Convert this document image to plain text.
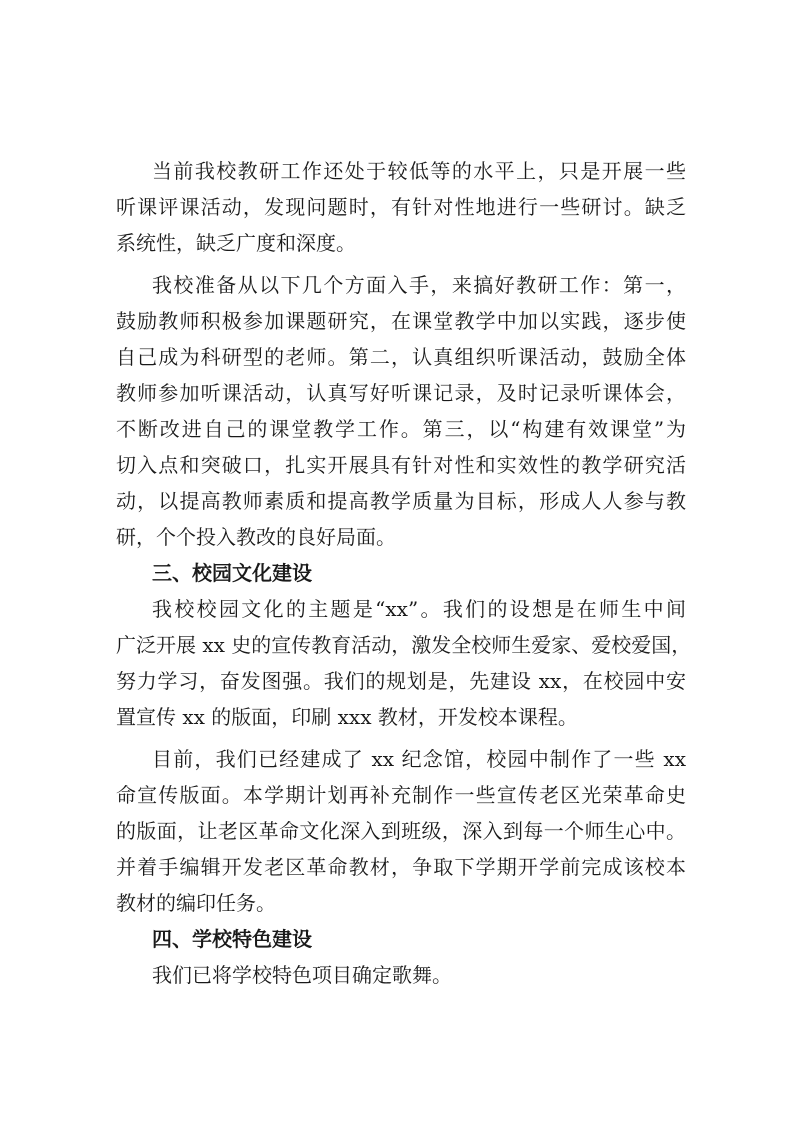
当前我校教研工作还处于较低等的水平上，只是开展一些
听课评课活动，发现问题时，有针对性地进行一些研讨。缺乏
系统性，缺乏广度和深度。
我校准备从以下几个方面入手，来搞好教研工作：第一，
鼓励教师积极参加课题研究，在课堂教学中加以实践，逐步使
自己成为科研型的老师。第二，认真组织听课活动，鼓励全体
教师参加听课活动，认真写好听课记录，及时记录听课体会，
不断改进自己的课堂教学工作。第三，以“构建有效课堂”为
切入点和突破口，扎实开展具有针对性和实效性的教学研究活
动，以提高教师素质和提高教学质量为目标，形成人人参与教
研，个个投入教改的良好局面。
三、校园文化建设
我校校园文化的主题是“xx”。我们的设想是在师生中间
广泛开展 xx 史的宣传教育活动，激发全校师生爱家、爱校爱国，
努力学习，奋发图强。我们的规划是，先建设 xx，在校园中安
置宣传 xx 的版面，印刷 xxx 教材，开发校本课程。
目前，我们已经建成了 xx 纪念馆，校园中制作了一些 xx
命宣传版面。本学期计划再补充制作一些宣传老区光荣革命史
的版面，让老区革命文化深入到班级，深入到每一个师生心中。
并着手编辑开发老区革命教材，争取下学期开学前完成该校本
教材的编印任务。
四、学校特色建设
我们已将学校特色项目确定歌舞。
